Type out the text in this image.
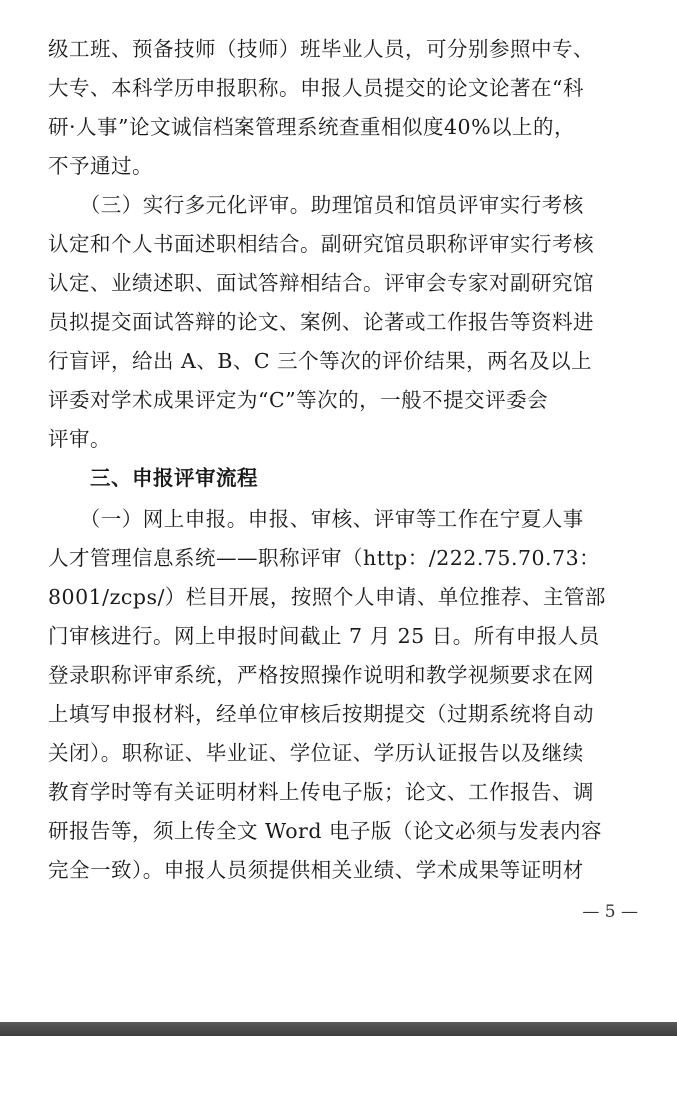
级工班、预备技师（技师）班毕业人员，可分别参照中专、
大专、本科学历申报职称。申报人员提交的论文论著在“科
研·人事”论文诚信档案管理系统查重相似度40%以上的，
不予通过。
　　（三）实行多元化评审。助理馆员和馆员评审实行考核
认定和个人书面述职相结合。副研究馆员职称评审实行考核
认定、业绩述职、面试答辩相结合。评审会专家对副研究馆
员拟提交面试答辩的论文、案例、论著或工作报告等资料进
行盲评，给出 A、B、C 三个等次的评价结果，两名及以上
评委对学术成果评定为“C”等次的，一般不提交评委会
评审。
　　三、申报评审流程
　　（一）网上申报。申报、审核、评审等工作在宁夏人事
人才管理信息系统——职称评审（http：/222.75.70.73：
8001/zcps/）栏目开展，按照个人申请、单位推荐、主管部
门审核进行。网上申报时间截止 7 月 25 日。所有申报人员
登录职称评审系统，严格按照操作说明和教学视频要求在网
上填写申报材料，经单位审核后按期提交（过期系统将自动
关闭）。职称证、毕业证、学位证、学历认证报告以及继续
教育学时等有关证明材料上传电子版；论文、工作报告、调
研报告等，须上传全文 Word 电子版（论文必须与发表内容
完全一致）。申报人员须提供相关业绩、学术成果等证明材
— 5 —
